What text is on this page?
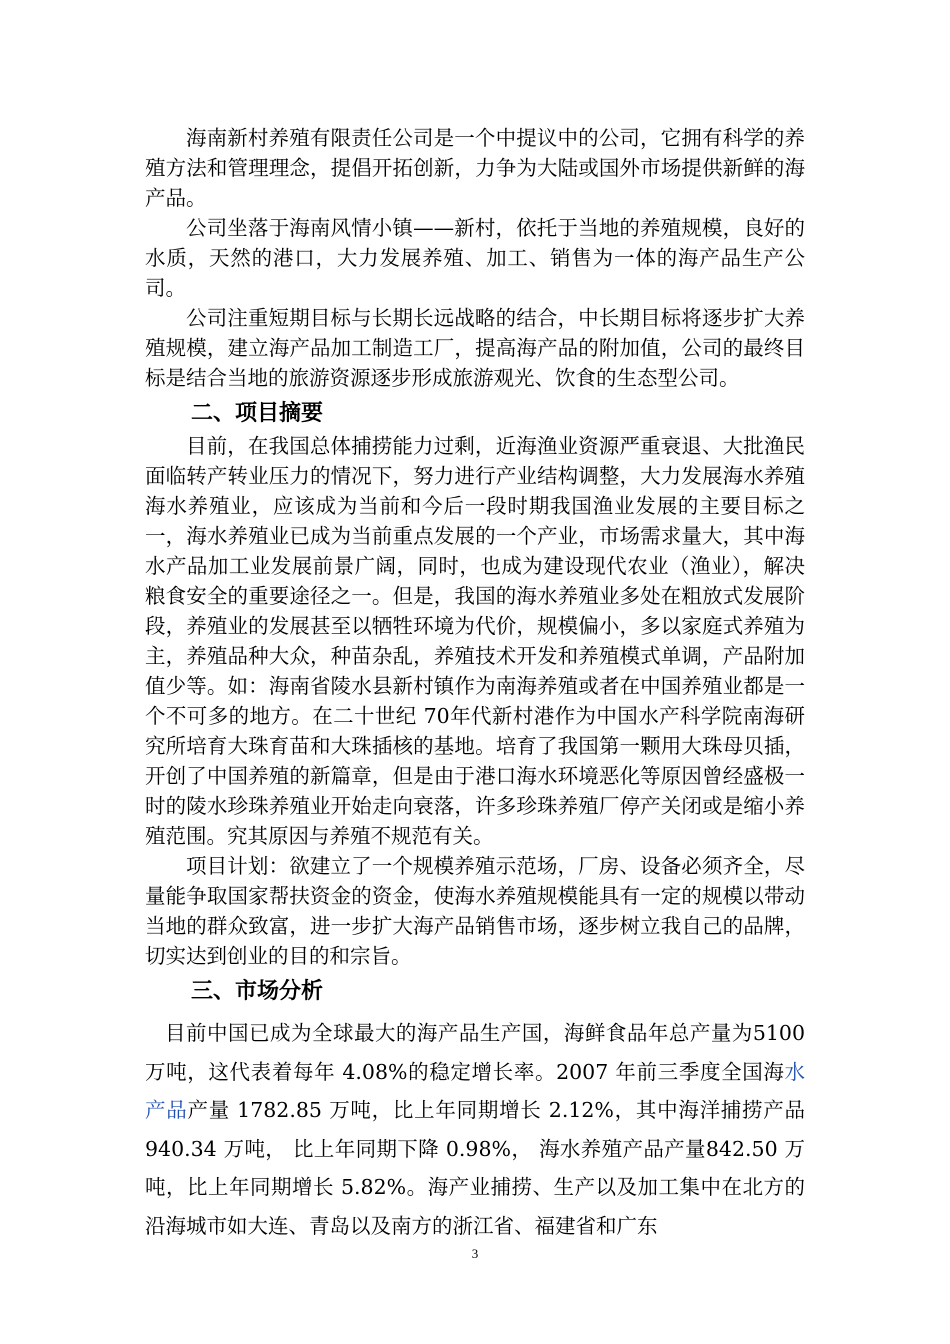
海南新村养殖有限责任公司是一个中提议中的公司，它拥有科学的养殖方法和管理理念，提倡开拓创新，力争为大陆或国外市场提供新鲜的海产品。

公司坐落于海南风情小镇——新村，依托于当地的养殖规模，良好的水质，天然的港口，大力发展养殖、加工、销售为一体的海产品生产公司。

公司注重短期目标与长期长远战略的结合，中长期目标将逐步扩大养殖规模，建立海产品加工制造工厂，提高海产品的附加值，公司的最终目标是结合当地的旅游资源逐步形成旅游观光、饮食的生态型公司。

二、项目摘要

目前，在我国总体捕捞能力过剩，近海渔业资源严重衰退、大批渔民面临转产转业压力的情况下，努力进行产业结构调整，大力发展海水养殖海水养殖业，应该成为当前和今后一段时期我国渔业发展的主要目标之一，海水养殖业已成为当前重点发展的一个产业，市场需求量大，其中海水产品加工业发展前景广阔，同时，也成为建设现代农业（渔业），解决粮食安全的重要途径之一。但是，我国的海水养殖业多处在粗放式发展阶段，养殖业的发展甚至以牺牲环境为代价，规模偏小，多以家庭式养殖为主，养殖品种大众，种苗杂乱，养殖技术开发和养殖模式单调，产品附加值少等。如：海南省陵水县新村镇作为南海养殖或者在中国养殖业都是一个不可多的地方。在二十世纪 70年代新村港作为中国水产科学院南海研究所培育大珠育苗和大珠插核的基地。培育了我国第一颗用大珠母贝插，开创了中国养殖的新篇章，但是由于港口海水环境恶化等原因曾经盛极一时的陵水珍珠养殖业开始走向衰落，许多珍珠养殖厂停产关闭或是缩小养殖范围。究其原因与养殖不规范有关。

项目计划：欲建立了一个规模养殖示范场，厂房、设备必须齐全，尽量能争取国家帮扶资金的资金，使海水养殖规模能具有一定的规模以带动当地的群众致富，进一步扩大海产品销售市场，逐步树立我自己的品牌，切实达到创业的目的和宗旨。

三、市场分析

目前中国已成为全球最大的海产品生产国，海鲜食品年总产量为5100 万吨，这代表着每年 4.08%的稳定增长率。2007 年前三季度全国海水产品产量 1782.85 万吨，比上年同期增长 2.12%，其中海洋捕捞产品 940.34 万吨， 比上年同期下降 0.98%， 海水养殖产品产量842.50 万吨，比上年同期增长 5.82%。海产业捕捞、生产以及加工集中在北方的沿海城市如大连、青岛以及南方的浙江省、福建省和广东

3
